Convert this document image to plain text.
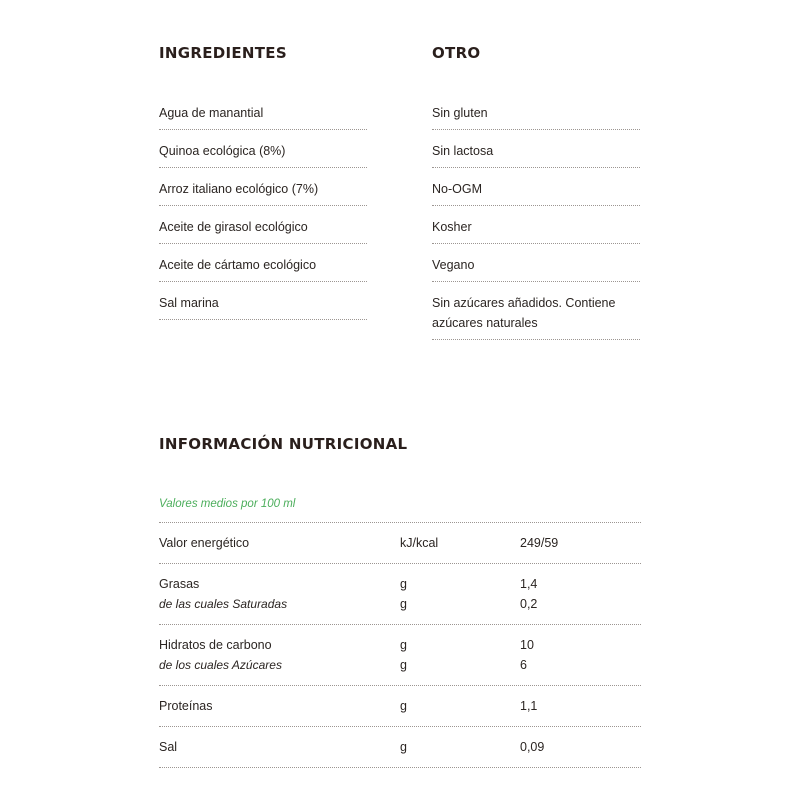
INGREDIENTES	OTRO
Agua de manantial
Quinoa ecológica (8%)
Arroz italiano ecológico (7%)
Aceite de girasol ecológico
Aceite de cártamo ecológico
Sal marina
Sin gluten
Sin lactosa
No-OGM
Kosher
Vegano
Sin azúcares añadidos. Contiene azúcares naturales
INFORMACIÓN NUTRICIONAL
Valores medios por 100 ml
Valor energético	kJ/kcal	249/59
Grasas	g	1,4
de las cuales Saturadas	g	0,2
Hidratos de carbono	g	10
de los cuales Azúcares	g	6
Proteínas	g	1,1
Sal	g	0,09
